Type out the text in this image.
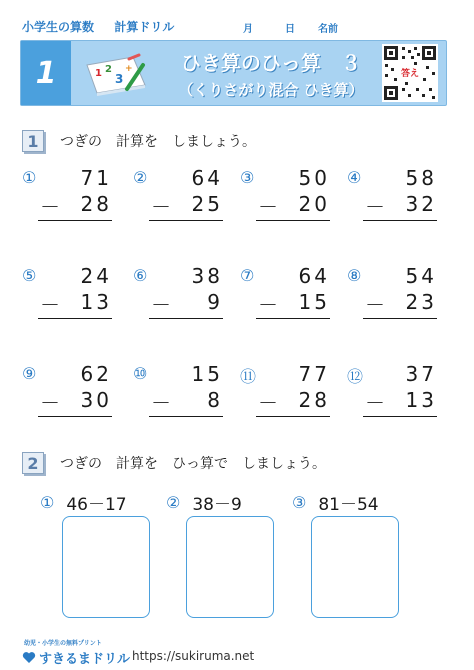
小学生の算数 計算ドリル	月	日 名前
1	1 2
3
+	ひき算のひっ算　３
（くりさがり混合 ひき算）
答え
1	つぎの　計算を　しましょう。
①	71
－	28
②	64
－	25
③	50
－	20
④	58
－	32
⑤	24
－	13
⑥	38
－	9
⑦	64
－	15
⑧	54
－	23
⑨	62
－	30
⑩	15
－	8
⑪	77
－	28
⑫	37
－	13
2	つぎの　計算を　ひっ算で　しましょう。
① 46－17 ② 38－9	③ 81－54
幼児・小学生の無料プリント
すきるまドリル https://sukiruma.net
